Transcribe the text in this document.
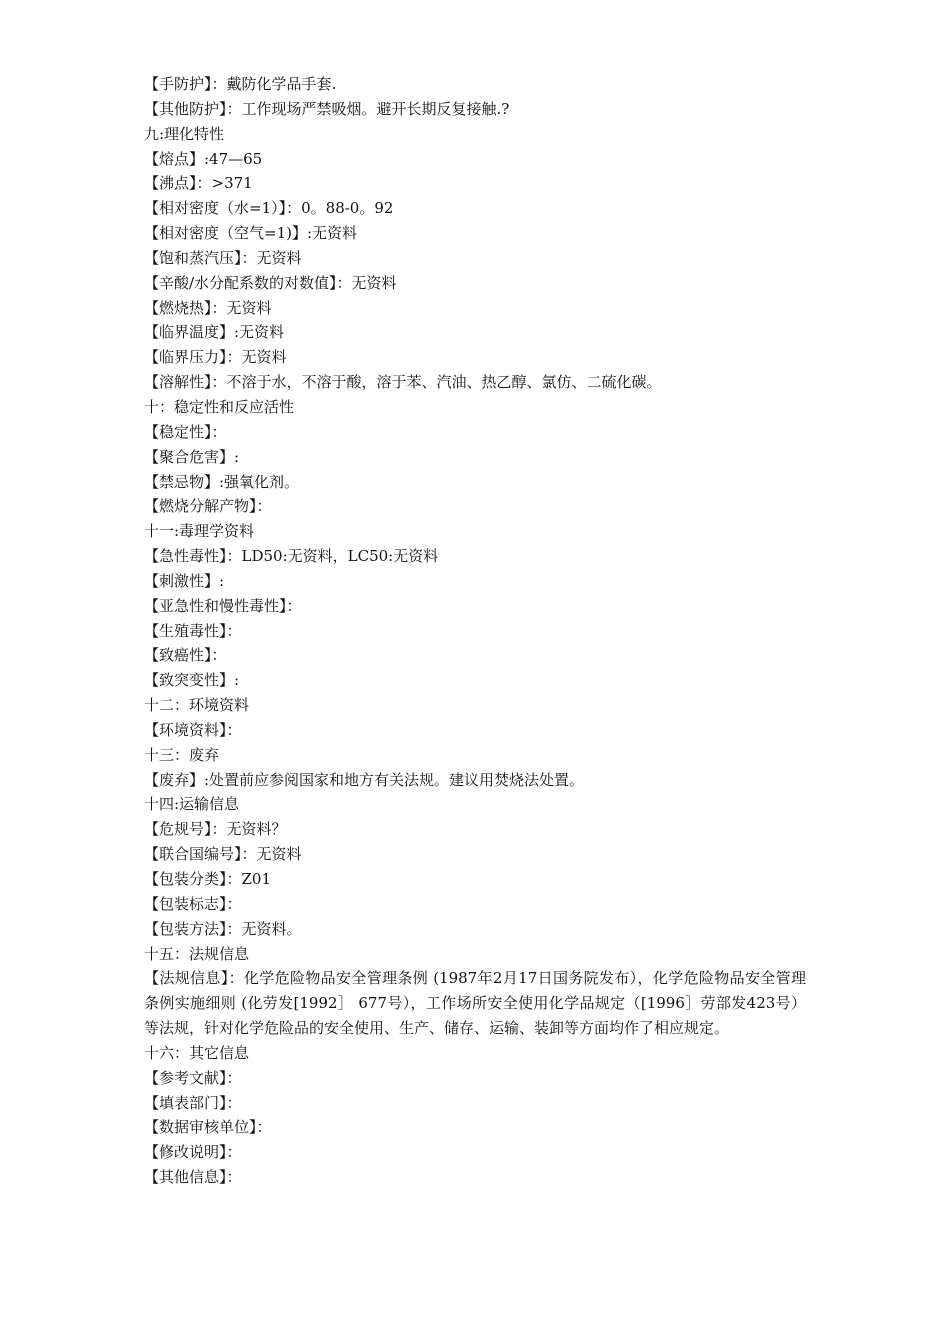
【手防护】：戴防化学品手套.
【其他防护】：工作现场严禁吸烟。避开长期反复接触.?
九:理化特性
【熔点】:47—65
【沸点】：>371
【相对密度（水=1）】：0。88-0。92
【相对密度（空气=1)】:无资料
【饱和蒸汽压】：无资料
【辛酸/水分配系数的对数值】：无资料
【燃烧热】：无资料
【临界温度】:无资料
【临界压力】：无资料
【溶解性】：不溶于水，不溶于酸，溶于苯、汽油、热乙醇、氯仿、二硫化碳。
十：稳定性和反应活性
【稳定性】：
【聚合危害】:
【禁忌物】:强氧化剂。
【燃烧分解产物】：
十一:毒理学资料
【急性毒性】：LD50:无资料，LC50:无资料
【刺激性】:
【亚急性和慢性毒性】：
【生殖毒性】：
【致癌性】：
【致突变性】:
十二：环境资料
【环境资料】：
十三：废弃
【废弃】:处置前应参阅国家和地方有关法规。建议用焚烧法处置。
十四:运输信息
【危规号】：无资料？
【联合国编号】：无资料
【包装分类】：Z01
【包装标志】：
【包装方法】：无资料。
十五：法规信息
【法规信息】：化学危险物品安全管理条例 (1987年2月17日国务院发布），化学危险物品安全管理条例实施细则 (化劳发[1992］ 677号），工作场所安全使用化学品规定（[1996］劳部发423号）等法规，针对化学危险品的安全使用、生产、储存、运输、装卸等方面均作了相应规定。
十六：其它信息
【参考文献】：
【填表部门】：
【数据审核单位】：
【修改说明】：
【其他信息】：
